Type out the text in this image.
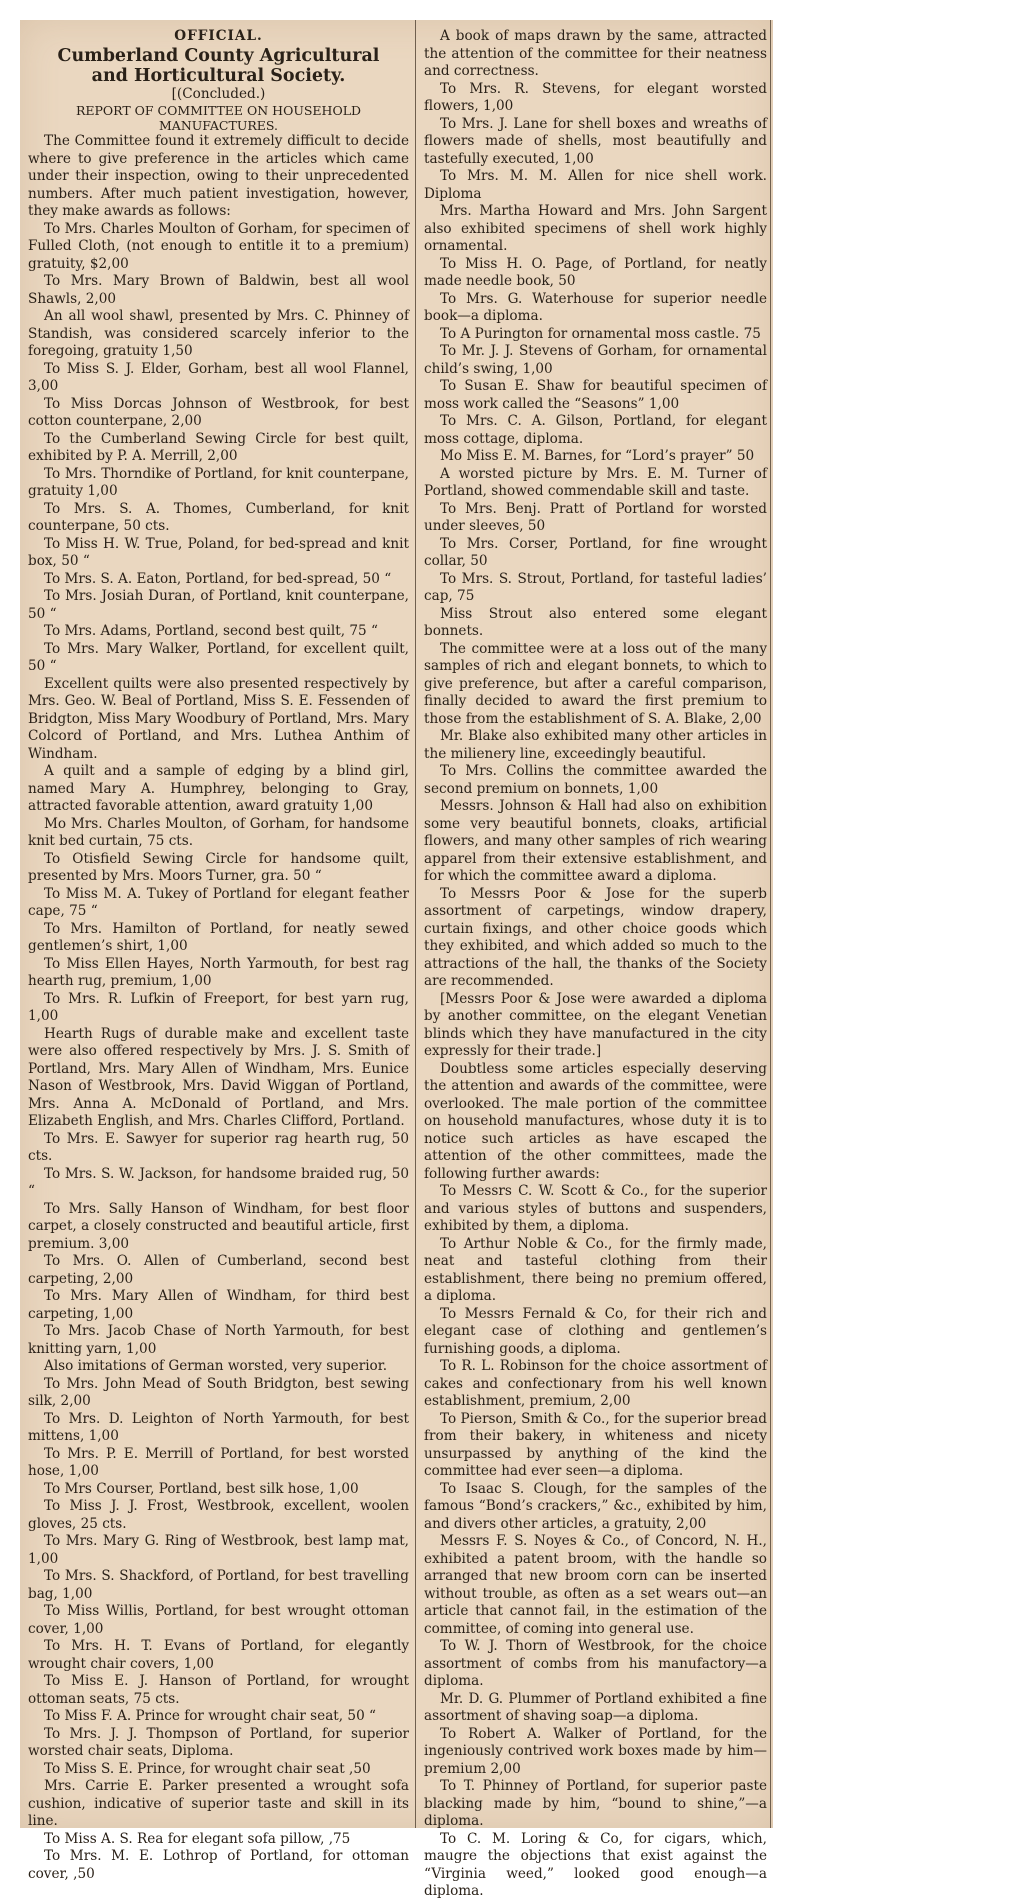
OFFICIAL.

Cumberland County Agricultural

and Horticultural Society.

[(Concluded.)

REPORT OF COMMITTEE ON HOUSEHOLD MANUFACTURES.

The Committee found it extremely difficult to decide where to give preference in the articles which came under their inspection, owing to their unprecedented numbers. After much patient investigation, however, they make awards as follows:

To Mrs. Charles Moulton of Gorham, for specimen of Fulled Cloth, (not enough to entitle it to a premium) gratuity, $2,00

To Mrs. Mary Brown of Baldwin, best all wool Shawls, 2,00

An all wool shawl, presented by Mrs. C. Phinney of Standish, was considered scarcely inferior to the foregoing, gratuity 1,50

To Miss S. J. Elder, Gorham, best all wool Flannel, 3,00

To Miss Dorcas Johnson of Westbrook, for best cotton counterpane, 2,00

To the Cumberland Sewing Circle for best quilt, exhibited by P. A. Merrill, 2,00

To Mrs. Thorndike of Portland, for knit counterpane, gratuity 1,00

To Mrs. S. A. Thomes, Cumberland, for knit counterpane, 50 cts.

To Miss H. W. True, Poland, for bed-spread and knit box, 50 “

To Mrs. S. A. Eaton, Portland, for bed-spread, 50 “

To Mrs. Josiah Duran, of Portland, knit counterpane, 50 “

To Mrs. Adams, Portland, second best quilt, 75 “

To Mrs. Mary Walker, Portland, for excellent quilt, 50 “

Excellent quilts were also presented respectively by Mrs. Geo. W. Beal of Portland, Miss S. E. Fessenden of Bridgton, Miss Mary Woodbury of Portland, Mrs. Mary Colcord of Portland, and Mrs. Luthea Anthim of Windham.

A quilt and a sample of edging by a blind girl, named Mary A. Humphrey, belonging to Gray, attracted favorable attention, award gratuity 1,00

Mo Mrs. Charles Moulton, of Gorham, for handsome knit bed curtain, 75 cts.

To Otisfield Sewing Circle for handsome quilt, presented by Mrs. Moors Turner, gra. 50 “

To Miss M. A. Tukey of Portland for elegant feather cape, 75 “

To Mrs. Hamilton of Portland, for neatly sewed gentlemen’s shirt, 1,00

To Miss Ellen Hayes, North Yarmouth, for best rag hearth rug, premium, 1,00

To Mrs. R. Lufkin of Freeport, for best yarn rug, 1,00

Hearth Rugs of durable make and excellent taste were also offered respectively by Mrs. J. S. Smith of Portland, Mrs. Mary Allen of Windham, Mrs. Eunice Nason of Westbrook, Mrs. David Wiggan of Portland, Mrs. Anna A. McDonald of Portland, and Mrs. Elizabeth English, and Mrs. Charles Clifford, Portland.

To Mrs. E. Sawyer for superior rag hearth rug, 50 cts.

To Mrs. S. W. Jackson, for handsome braided rug, 50 “

To Mrs. Sally Hanson of Windham, for best floor carpet, a closely constructed and beautiful article, first premium. 3,00

To Mrs. O. Allen of Cumberland, second best carpeting, 2,00

To Mrs. Mary Allen of Windham, for third best carpeting, 1,00

To Mrs. Jacob Chase of North Yarmouth, for best knitting yarn, 1,00

Also imitations of German worsted, very superior.

To Mrs. John Mead of South Bridgton, best sewing silk, 2,00

To Mrs. D. Leighton of North Yarmouth, for best mittens, 1,00

To Mrs. P. E. Merrill of Portland, for best worsted hose, 1,00

To Mrs Courser, Portland, best silk hose, 1,00

To Miss J. J. Frost, Westbrook, excellent, woolen gloves, 25 cts.

To Mrs. Mary G. Ring of Westbrook, best lamp mat, 1,00

To Mrs. S. Shackford, of Portland, for best travelling bag, 1,00

To Miss Willis, Portland, for best wrought ottoman cover, 1,00

To Mrs. H. T. Evans of Portland, for elegantly wrought chair covers, 1,00

To Miss E. J. Hanson of Portland, for wrought ottoman seats, 75 cts.

To Miss F. A. Prince for wrought chair seat, 50 “

To Mrs. J. J. Thompson of Portland, for superior worsted chair seats, Diploma.

To Miss S. E. Prince, for wrought chair seat ,50

Mrs. Carrie E. Parker presented a wrought sofa cushion, indicative of superior taste and skill in its line.

To Miss A. S. Rea for elegant sofa pillow, ,75

To Mrs. M. E. Lothrop of Portland, for ottoman cover, ,50

A book of maps drawn by the same, attracted the attention of the committee for their neatness and correctness.

To Mrs. R. Stevens, for elegant worsted flowers, 1,00

To Mrs. J. Lane for shell boxes and wreaths of flowers made of shells, most beautifully and tastefully executed, 1,00

To Mrs. M. M. Allen for nice shell work. Diploma

Mrs. Martha Howard and Mrs. John Sargent also exhibited specimens of shell work highly ornamental.

To Miss H. O. Page, of Portland, for neatly made needle book, 50

To Mrs. G. Waterhouse for superior needle book—a diploma.

To A Purington for ornamental moss castle. 75

To Mr. J. J. Stevens of Gorham, for ornamental child’s swing, 1,00

To Susan E. Shaw for beautiful specimen of moss work called the “Seasons” 1,00

To Mrs. C. A. Gilson, Portland, for elegant moss cottage, diploma.

Mo Miss E. M. Barnes, for “Lord’s prayer” 50

A worsted picture by Mrs. E. M. Turner of Portland, showed commendable skill and taste.

To Mrs. Benj. Pratt of Portland for worsted under sleeves, 50

To Mrs. Corser, Portland, for fine wrought collar, 50

To Mrs. S. Strout, Portland, for tasteful ladies’ cap, 75

Miss Strout also entered some elegant bonnets.

The committee were at a loss out of the many samples of rich and elegant bonnets, to which to give preference, but after a careful comparison, finally decided to award the first premium to those from the establishment of S. A. Blake, 2,00

Mr. Blake also exhibited many other articles in the milienery line, exceedingly beautiful.

To Mrs. Collins the committee awarded the second premium on bonnets, 1,00

Messrs. Johnson & Hall had also on exhibition some very beautiful bonnets, cloaks, artificial flowers, and many other samples of rich wearing apparel from their extensive establishment, and for which the committee award a diploma.

To Messrs Poor & Jose for the superb assortment of carpetings, window drapery, curtain fixings, and other choice goods which they exhibited, and which added so much to the attractions of the hall, the thanks of the Society are recommended.

[Messrs Poor & Jose were awarded a diploma by another committee, on the elegant Venetian blinds which they have manufactured in the city expressly for their trade.]

Doubtless some articles especially deserving the attention and awards of the committee, were overlooked. The male portion of the committee on household manufactures, whose duty it is to notice such articles as have escaped the attention of the other committees, made the following further awards:

To Messrs C. W. Scott & Co., for the superior and various styles of buttons and suspenders, exhibited by them, a diploma.

To Arthur Noble & Co., for the firmly made, neat and tasteful clothing from their establishment, there being no premium offered, a diploma.

To Messrs Fernald & Co, for their rich and elegant case of clothing and gentlemen’s furnishing goods, a diploma.

To R. L. Robinson for the choice assortment of cakes and confectionary from his well known establishment, premium, 2,00

To Pierson, Smith & Co., for the superior bread from their bakery, in whiteness and nicety unsurpassed by anything of the kind the committee had ever seen—a diploma.

To Isaac S. Clough, for the samples of the famous “Bond’s crackers,” &c., exhibited by him, and divers other articles, a gratuity, 2,00

Messrs F. S. Noyes & Co., of Concord, N. H., exhibited a patent broom, with the handle so arranged that new broom corn can be inserted without trouble, as often as a set wears out—an article that cannot fail, in the estimation of the committee, of coming into general use.

To W. J. Thorn of Westbrook, for the choice assortment of combs from his manufactory—a diploma.

Mr. D. G. Plummer of Portland exhibited a fine assortment of shaving soap—a diploma.

To Robert A. Walker of Portland, for the ingeniously contrived work boxes made by him—premium 2,00

To T. Phinney of Portland, for superior paste blacking made by him, “bound to shine,”—a diploma.

To C. M. Loring & Co, for cigars, which, maugre the objections that exist against the “Virginia weed,” looked good enough—a diploma.
